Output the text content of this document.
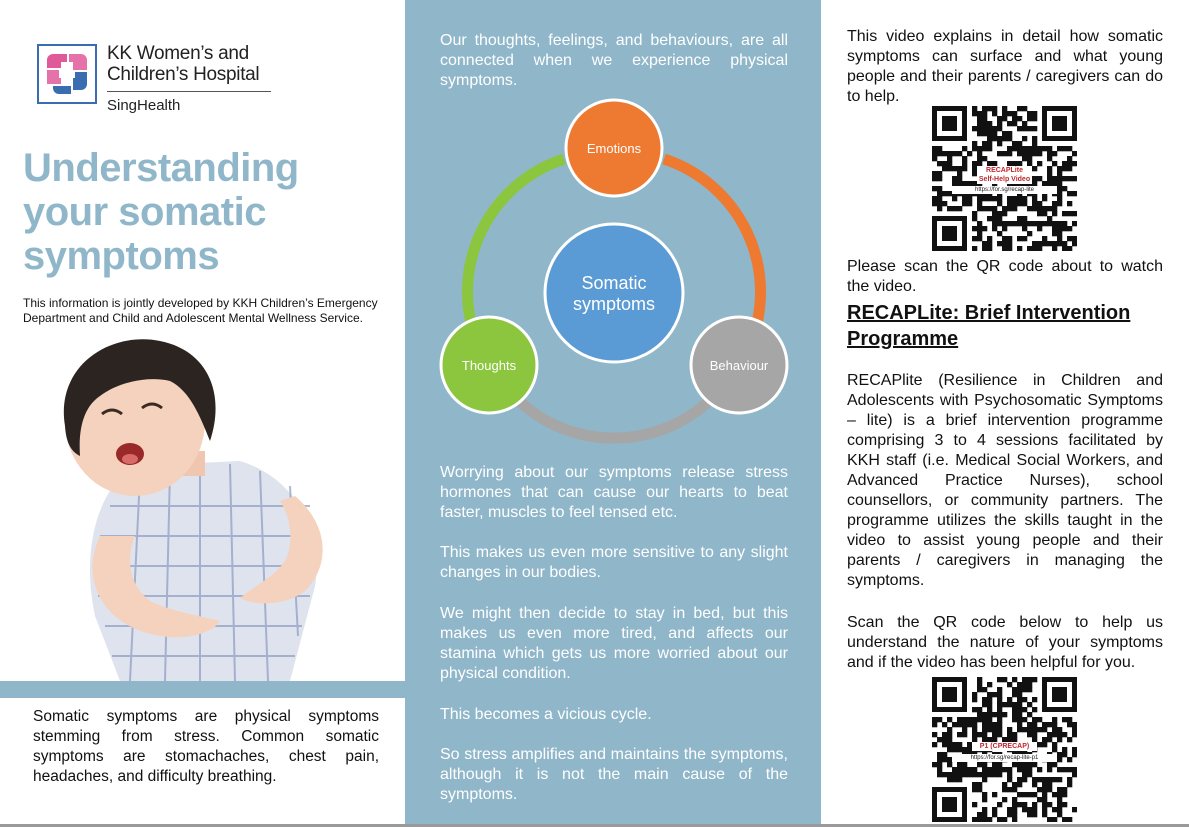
KK Women’s and
Children’s Hospital
SingHealth
Understanding
your somatic
symptoms
This information is jointly developed by KKH Children’s Emergency Department and Child and Adolescent Mental Wellness Service.
Somatic symptoms are physical symptoms stemming from stress. Common somatic symptoms are stomachaches, chest pain, headaches, and difficulty breathing.
Our thoughts, feelings, and behaviours, are all connected when we experience physical symptoms.
Somatic
symptoms
Emotions
Thoughts	Behaviour
Worrying about our symptoms release stress hormones that can cause our hearts to beat faster, muscles to feel tensed etc.
This makes us even more sensitive to any slight changes in our bodies.
We might then decide to stay in bed, but this makes us even more tired, and affects our stamina which gets us more worried about our physical condition.
This becomes a vicious cycle.
So stress amplifies and maintains the symptoms, although it is not the main cause of the symptoms.
This video explains in detail how somatic symptoms can surface and what young people and their parents / caregivers can do to help.
RECAPLite
Self-Help Video
https://for.sg/recap-lite
Please scan the QR code about to watch the video.
RECAPLite: Brief Intervention Programme
RECAPlite (Resilience in Children and Adolescents with Psychosomatic Symptoms – lite) is a brief intervention programme comprising 3 to 4 sessions facilitated by KKH staff (i.e. Medical Social Workers, and Advanced Practice Nurses), school counsellors, or community partners. The programme utilizes the skills taught in the video to assist young people and their parents / caregivers in managing the symptoms.
Scan the QR code below to help us understand the nature of your symptoms and if the video has been helpful for you.
P1 (CPRECAP)
https://for.sg/recap-lite-p1
